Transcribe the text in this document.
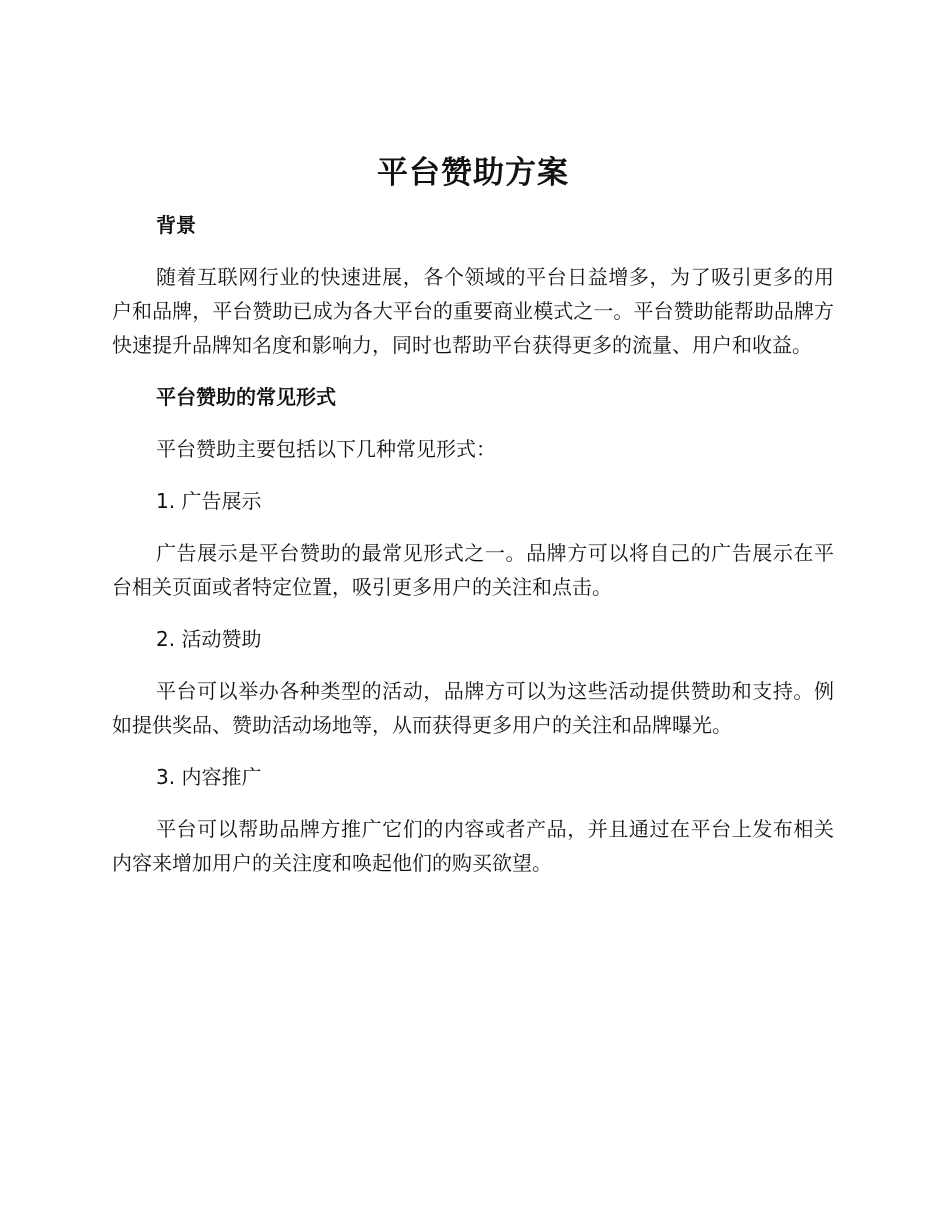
平台赞助方案
背景

随着互联网行业的快速进展，各个领域的平台日益增多，为了吸引更多的用户和品牌，平台赞助已成为各大平台的重要商业模式之一。平台赞助能帮助品牌方快速提升品牌知名度和影响力，同时也帮助平台获得更多的流量、用户和收益。

平台赞助的常见形式

平台赞助主要包括以下几种常见形式：

1. 广告展示

广告展示是平台赞助的最常见形式之一。品牌方可以将自己的广告展示在平台相关页面或者特定位置，吸引更多用户的关注和点击。

2. 活动赞助

平台可以举办各种类型的活动，品牌方可以为这些活动提供赞助和支持。例如提供奖品、赞助活动场地等，从而获得更多用户的关注和品牌曝光。

3. 内容推广

平台可以帮助品牌方推广它们的内容或者产品，并且通过在平台上发布相关内容来增加用户的关注度和唤起他们的购买欲望。
